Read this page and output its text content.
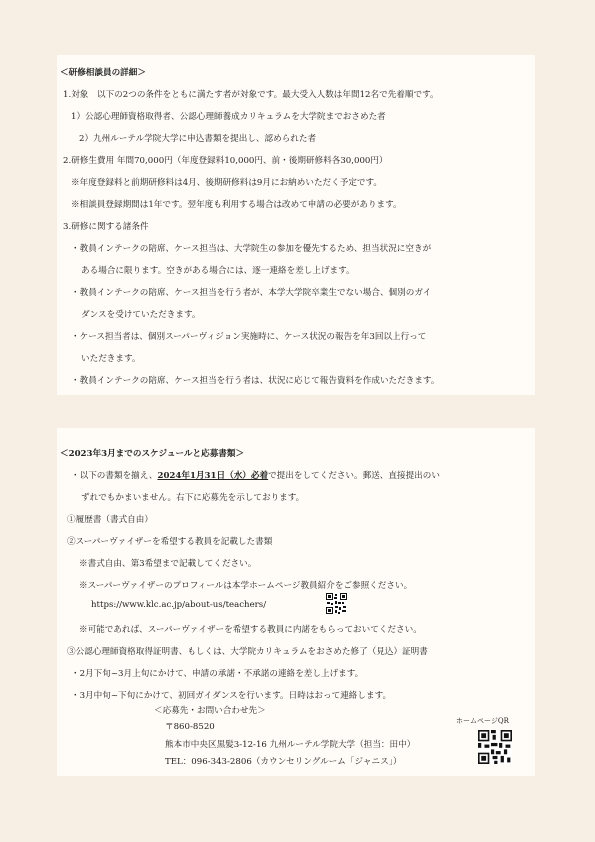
＜研修相談員の詳細＞
1.対象　以下の2つの条件をともに満たす者が対象です。最大受入人数は年間12名で先着順です。
1）公認心理師資格取得者、公認心理師養成カリキュラムを大学院までおさめた者
2）九州ルーテル学院大学に申込書類を提出し、認められた者
2.研修生費用 年間70,000円（年度登録料10,000円、前・後期研修料各30,000円）
※年度登録料と前期研修料は4月、後期研修料は9月にお納めいただく予定です。
※相談員登録期間は1年です。翌年度も利用する場合は改めて申請の必要があります。
3.研修に関する諸条件
・教員インテークの陪席、ケース担当は、大学院生の参加を優先するため、担当状況に空きが
ある場合に限ります。空きがある場合には、逐一連絡を差し上げます。
・教員インテークの陪席、ケース担当を行う者が、本学大学院卒業生でない場合、個別のガイ
ダンスを受けていただきます。
・ケース担当者は、個別スーパーヴィジョン実施時に、ケース状況の報告を年3回以上行って
いただきます。
・教員インテークの陪席、ケース担当を行う者は、状況に応じて報告資料を作成いただきます。
＜2023年3月までのスケジュールと応募書類＞
・以下の書類を揃え、2024年1月31日（水）必着で提出をしてください。郵送、直接提出のい
ずれでもかまいません。右下に応募先を示しております。
①履歴書（書式自由）
②スーパーヴァイザーを希望する教員を記載した書類
※書式自由、第3希望まで記載してください。
※スーパーヴァイザーのプロフィールは本学ホームページ教員紹介をご参照ください。
https://www.klc.ac.jp/about-us/teachers/
※可能であれば、スーパーヴァイザーを希望する教員に内諾をもらっておいてください。
③公認心理師資格取得証明書、もしくは、大学院カリキュラムをおさめた修了（見込）証明書
・2月下旬~3月上旬にかけて、申請の承諾・不承諾の連絡を差し上げます。
・3月中旬~下旬にかけて、初回ガイダンスを行います。日時はおって連絡します。
＜応募先・お問い合わせ先＞
〒860-8520
熊本市中央区黒髪3-12-16 九州ルーテル学院大学（担当：田中）
TEL：096-343-2806（カウンセリングルーム「ジャニス」）
ホームページQR
